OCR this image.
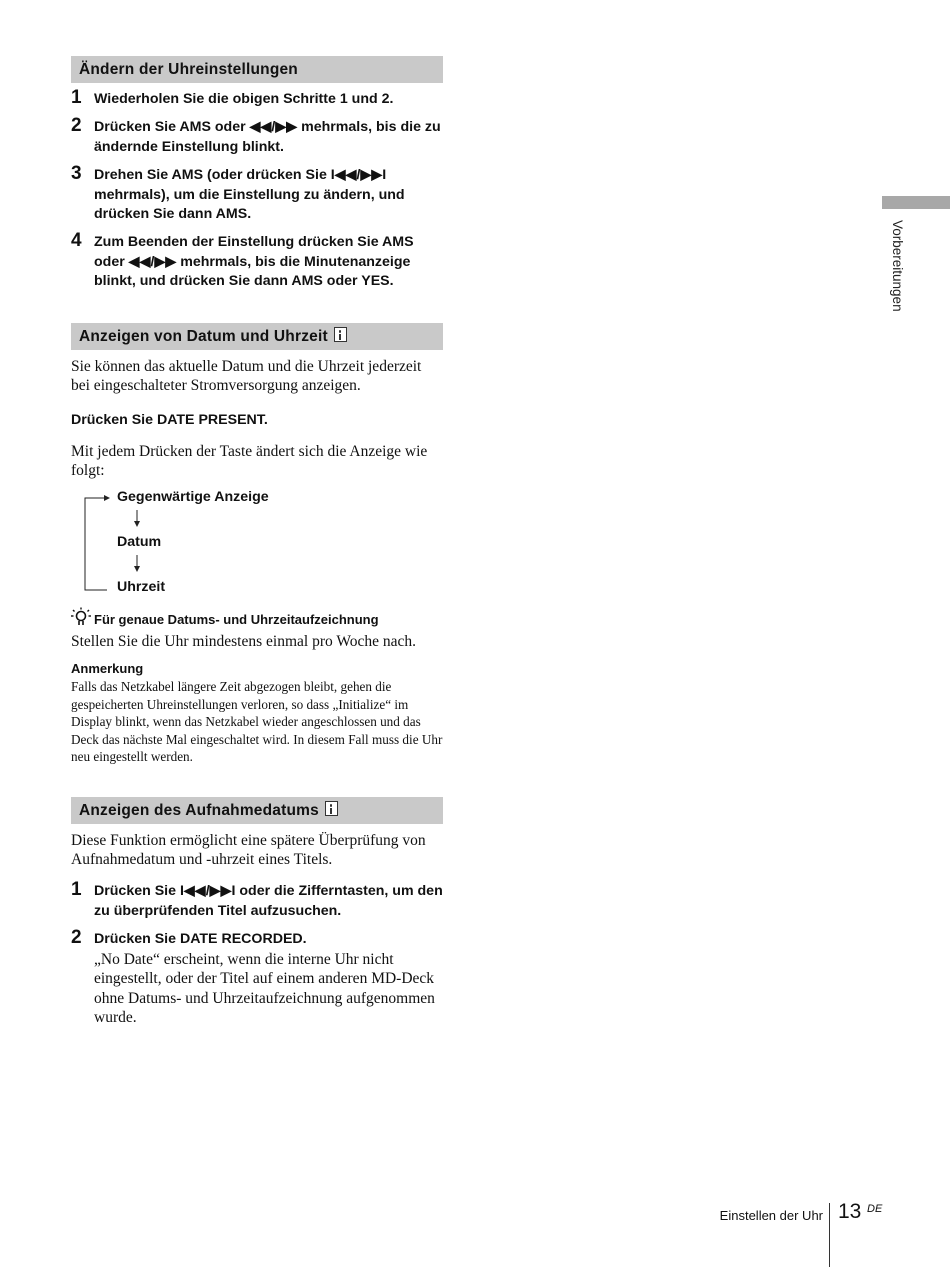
Ändern der Uhreinstellungen
1 Wiederholen Sie die obigen Schritte 1 und 2.
2 Drücken Sie AMS oder ◀◀/▶▶ mehrmals, bis die zu ändernde Einstellung blinkt.
3 Drehen Sie AMS (oder drücken Sie I◀◀/▶▶I mehrmals), um die Einstellung zu ändern, und drücken Sie dann AMS.
4 Zum Beenden der Einstellung drücken Sie AMS oder ◀◀/▶▶ mehrmals, bis die Minutenanzeige blinkt, und drücken Sie dann AMS oder YES.
Anzeigen von Datum und Uhrzeit
Sie können das aktuelle Datum und die Uhrzeit jederzeit bei eingeschalteter Stromversorgung anzeigen.
Drücken Sie DATE PRESENT.
Mit jedem Drücken der Taste ändert sich die Anzeige wie folgt:
Gegenwärtige Anzeige
Datum
Uhrzeit
Für genaue Datums- und Uhrzeitaufzeichnung
Stellen Sie die Uhr mindestens einmal pro Woche nach.
Anmerkung
Falls das Netzkabel längere Zeit abgezogen bleibt, gehen die gespeicherten Uhreinstellungen verloren, so dass „Initialize“ im Display blinkt, wenn das Netzkabel wieder angeschlossen und das Deck das nächste Mal eingeschaltet wird. In diesem Fall muss die Uhr neu eingestellt werden.
Anzeigen des Aufnahmedatums
Diese Funktion ermöglicht eine spätere Überprüfung von Aufnahmedatum und -uhrzeit eines Titels.
1 Drücken Sie I◀◀/▶▶I oder die Zifferntasten, um den zu überprüfenden Titel aufzusuchen.
2 Drücken Sie DATE RECORDED.
„No Date“ erscheint, wenn die interne Uhr nicht eingestellt, oder der Titel auf einem anderen MD-Deck ohne Datums- und Uhrzeitaufzeichnung aufgenommen wurde.
Vorbereitungen
Einstellen der Uhr 13 DE
